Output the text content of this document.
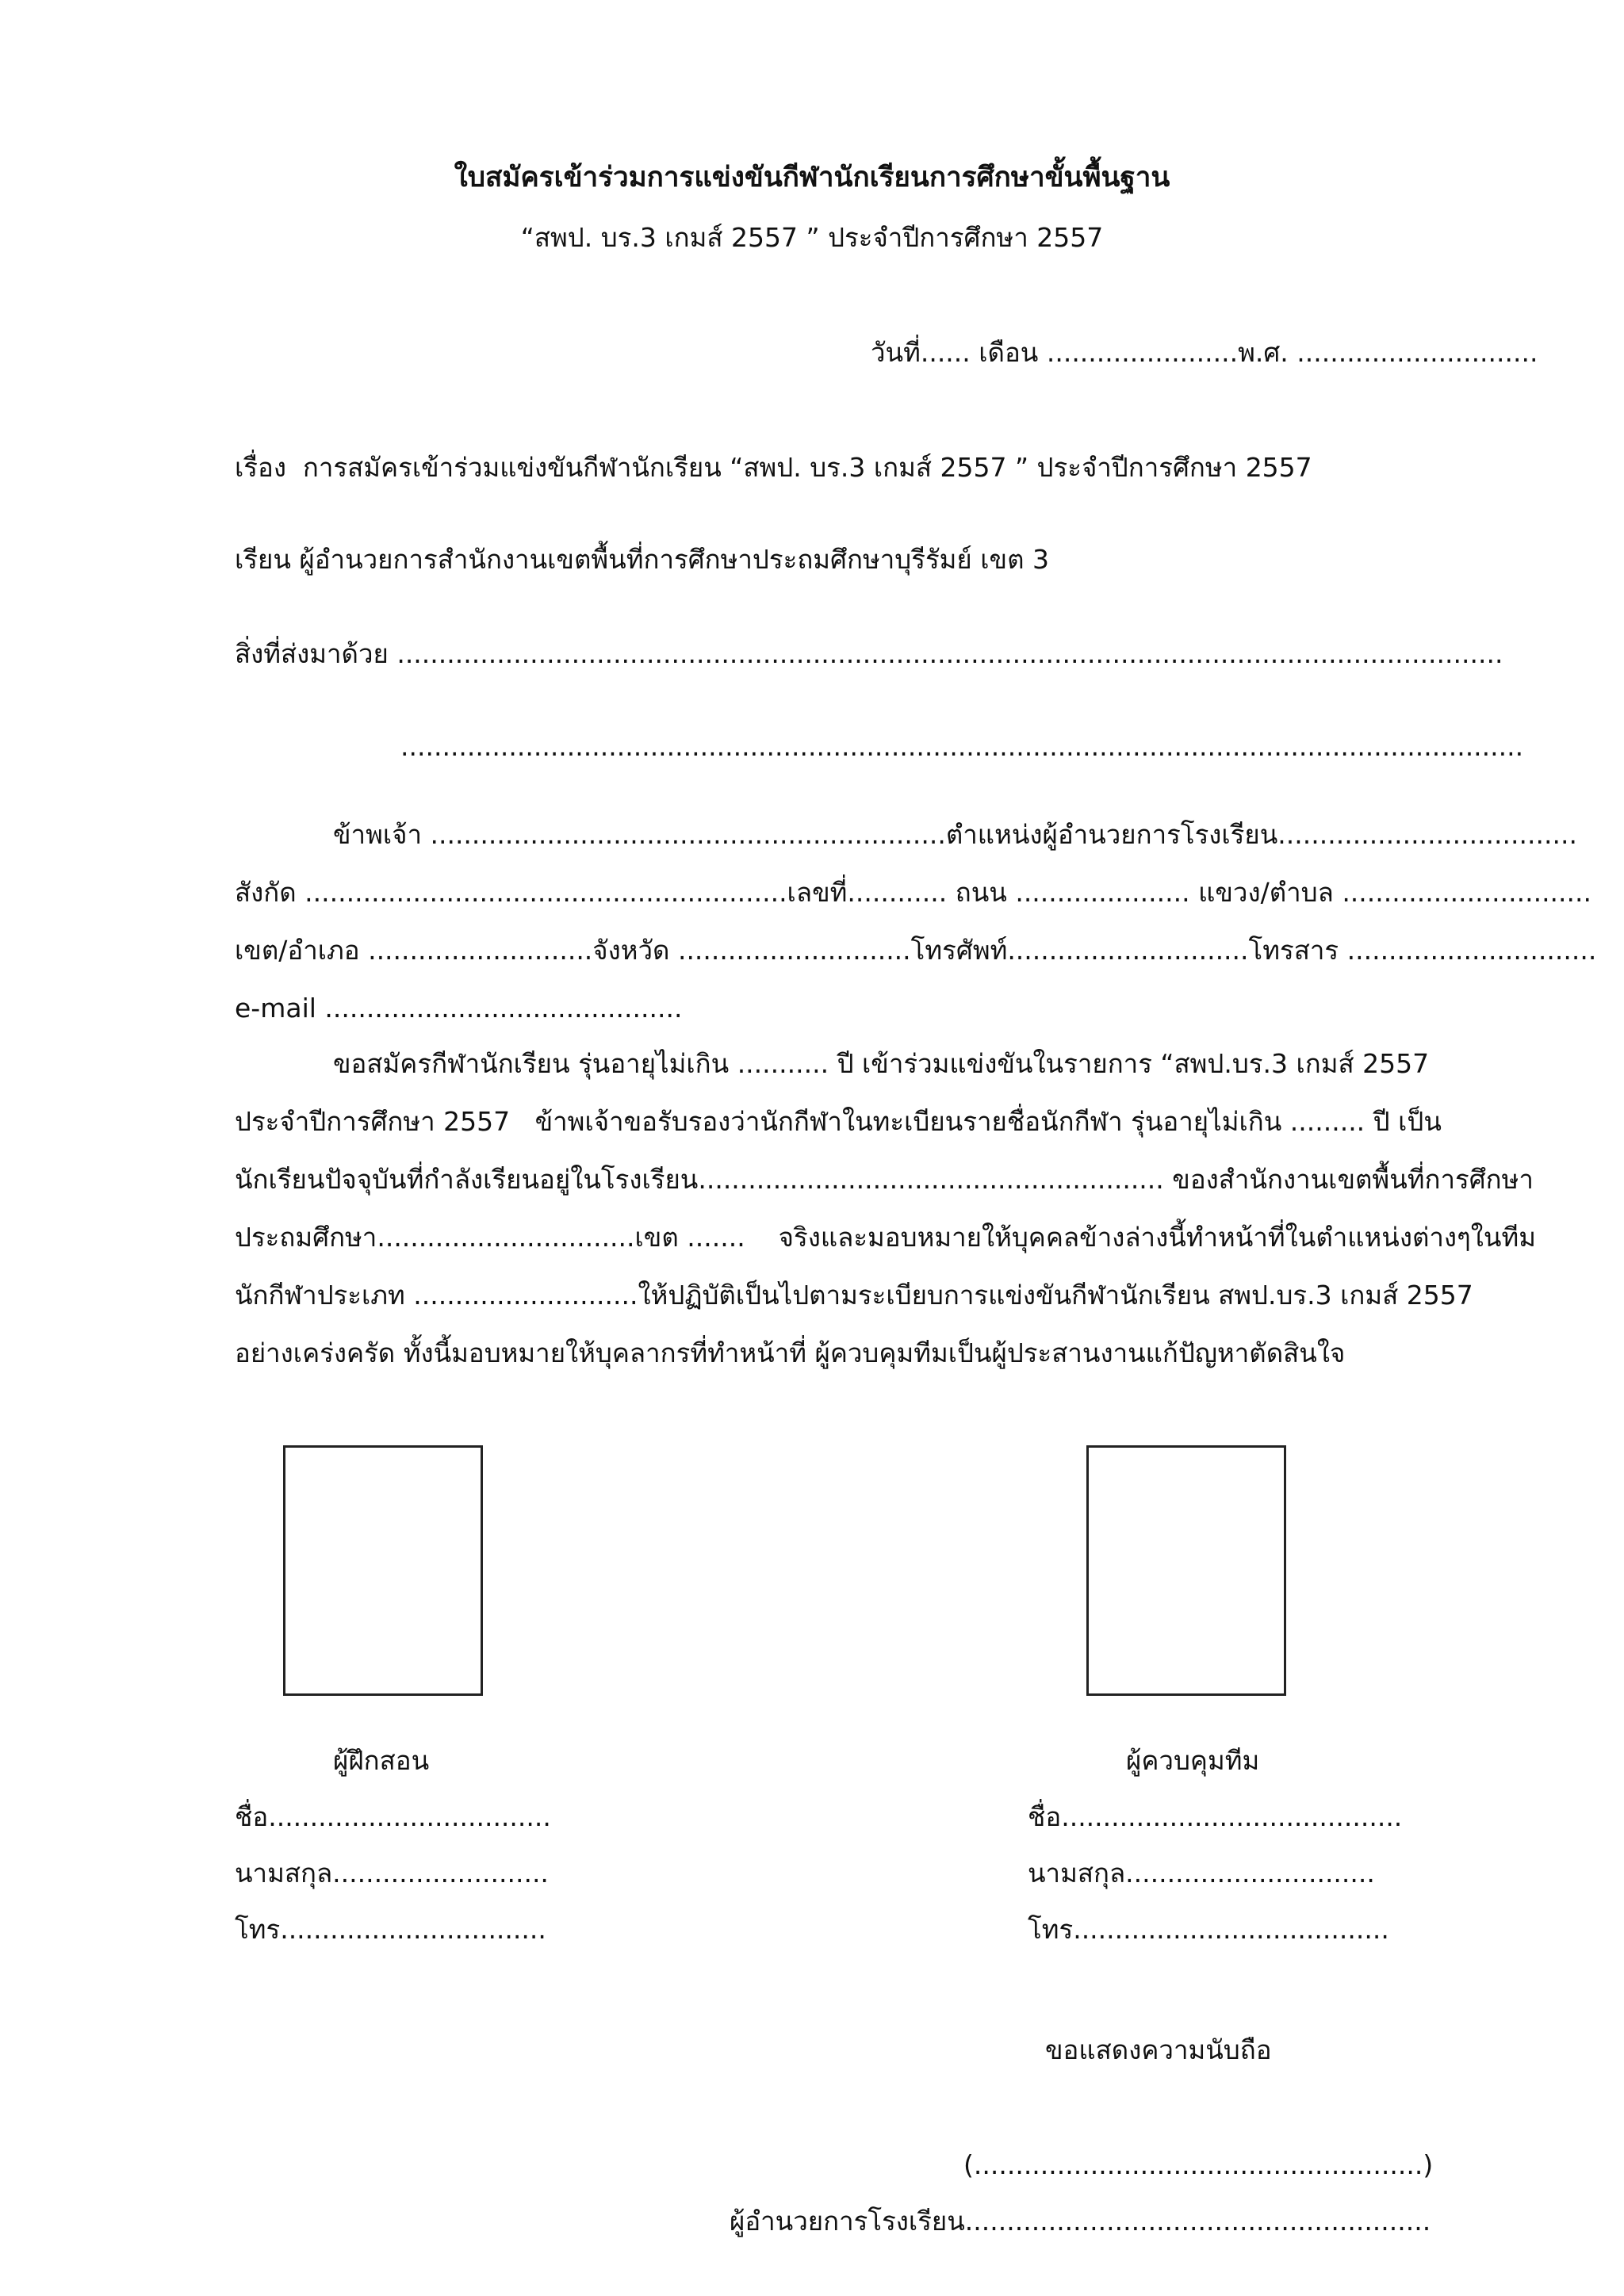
ใบสมัครเข้าร่วมการแข่งขันกีฬานักเรียนการศึกษาขั้นพื้นฐาน
“สพป. บร.3 เกมส์ 2557 ” ประจำปีการศึกษา 2557
วันที่...... เดือน .......................พ.ศ. .............................
เรื่อง  การสมัครเข้าร่วมแข่งขันกีฬานักเรียน “สพป. บร.3 เกมส์ 2557 ” ประจำปีการศึกษา 2557
เรียน ผู้อำนวยการสำนักงานเขตพื้นที่การศึกษาประถมศึกษาบุรีรัมย์ เขต 3
สิ่งที่ส่งมาด้วย .....................................................................................................................................
.......................................................................................................................................
ข้าพเจ้า ..............................................................ตำแหน่งผู้อำนวยการโรงเรียน....................................
สังกัด ..........................................................เลขที่............ ถนน ..................... แขวง/ตำบล ..............................
เขต/อำเภอ ...........................จังหวัด ............................โทรศัพท์.............................โทรสาร ..............................
e-mail ...........................................
ขอสมัครกีฬานักเรียน รุ่นอายุไม่เกิน ........... ปี เข้าร่วมแข่งขันในรายการ “สพป.บร.3 เกมส์ 2557
ประจำปีการศึกษา 2557   ข้าพเจ้าขอรับรองว่านักกีฬาในทะเบียนรายชื่อนักกีฬา รุ่นอายุไม่เกิน ......... ปี เป็น
นักเรียนปัจจุบันที่กำลังเรียนอยู่ในโรงเรียน........................................................ ของสำนักงานเขตพื้นที่การศึกษา
ประถมศึกษา...............................เขต .......    จริงและมอบหมายให้บุคคลข้างล่างนี้ทำหน้าที่ในตำแหน่งต่างๆในทีม
นักกีฬาประเภท ...........................ให้ปฏิบัติเป็นไปตามระเบียบการแข่งขันกีฬานักเรียน สพป.บร.3 เกมส์ 2557
อย่างเคร่งครัด ทั้งนี้มอบหมายให้บุคลากรที่ทำหน้าที่ ผู้ควบคุมทีมเป็นผู้ประสานงานแก้ปัญหาตัดสินใจ
ผู้ฝึกสอน
ชื่อ..................................
นามสกุล..........................
โทร................................
ผู้ควบคุมทีม
ชื่อ.........................................
นามสกุล..............................
โทร......................................
ขอแสดงความนับถือ
(......................................................)
ผู้อำนวยการโรงเรียน........................................................
